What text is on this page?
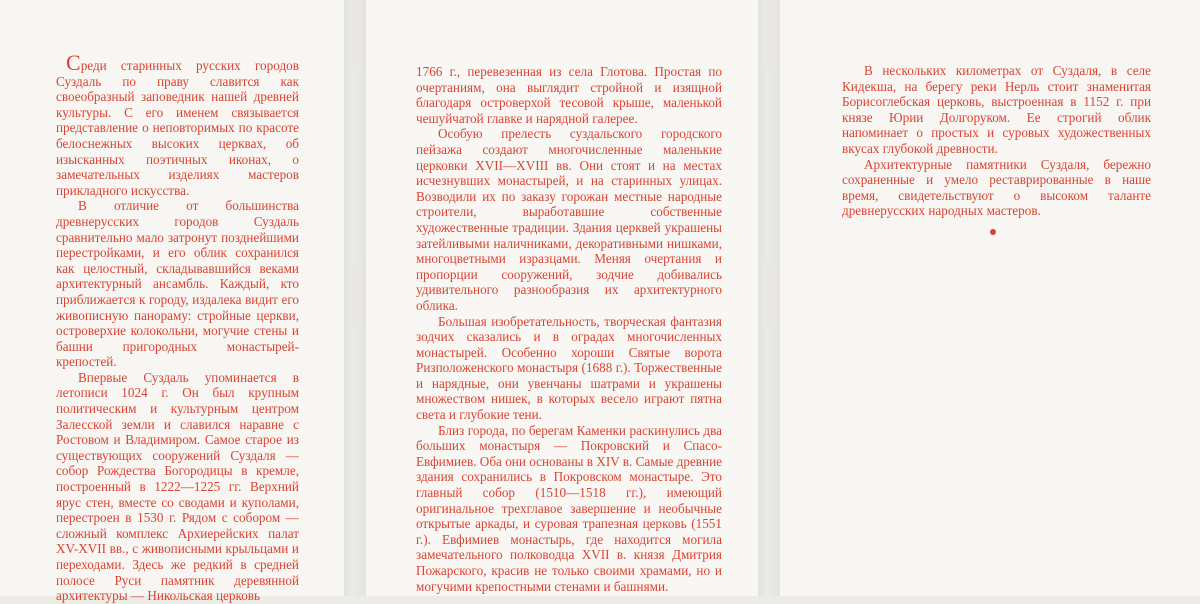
Среди старинных русских городов Суздаль по праву славится как своеобразный заповедник нашей древней культуры. С его именем связывается представление о неповторимых по красоте белоснежных высоких церквах, об изысканных поэтичных иконах, о замечательных изделиях мастеров прикладного искусства.

В отличие от большинства древнерусских городов Суздаль сравнительно мало затронут позднейшими перестройками, и его облик сохранился как целостный, складывавшийся веками архитектурный ансамбль. Каждый, кто приближается к городу, издалека видит его живописную панораму: стройные церкви, островерхие колокольни, могучие стены и башни пригородных монастырей-крепостей.

Впервые Суздаль упоминается в летописи 1024 г. Он был крупным политическим и культурным центром Залесской земли и славился наравне с Ростовом и Владимиром. Самое старое из существующих сооружений Суздаля — собор Рождества Богородицы в кремле, построенный в 1222—1225 гг. Верхний ярус стен, вместе со сводами и куполами, перестроен в 1530 г. Рядом с собором — сложный комплекс Архиерейских палат XV-XVII вв., с живописными крыльцами и переходами. Здесь же редкий в средней полосе Руси памятник деревянной архитектуры — Никольская церковь

1766 г., перевезенная из села Глотова. Простая по очертаниям, она выглядит стройной и изящной благодаря островерхой тесовой крыше, маленькой чешуйчатой главке и нарядной галерее.

Особую прелесть суздальского городского пейзажа создают многочисленные маленькие церковки XVII—XVIII вв. Они стоят и на местах исчезнувших монастырей, и на старинных улицах. Возводили их по заказу горожан местные народные строители, выработавшие собственные художественные традиции. Здания церквей украшены затейливыми наличниками, декоративными нишками, многоцветными изразцами. Меняя очертания и пропорции сооружений, зодчие добивались удивительного разнообразия их архитектурного облика.

Большая изобретательность, творческая фантазия зодчих сказались и в оградах многочисленных монастырей. Особенно хороши Святые ворота Ризположенского монастыря (1688 г.). Торжественные и нарядные, они увенчаны шатрами и украшены множеством нишек, в которых весело играют пятна света и глубокие тени.

Близ города, по берегам Каменки раскинулись два больших монастыря — Покровский и Спасо-Евфимиев. Оба они основаны в XIV в. Самые древние здания сохранились в Покровском монастыре. Это главный собор (1510—1518 гг.), имеющий оригинальное трехглавое завершение и необычные открытые аркады, и суровая трапезная церковь (1551 г.). Евфимиев монастырь, где находится могила замечательного полководца XVII в. князя Дмитрия Пожарского, красив не только своими храмами, но и могучими крепостными стенами и башнями.

В нескольких километрах от Суздаля, в селе Кидекша, на берегу реки Нерль стоит знаменитая Борисоглебская церковь, выстроенная в 1152 г. при князе Юрии Долгоруком. Ее строгий облик напоминает о простых и суровых художественных вкусах глубокой древности.

Архитектурные памятники Суздаля, бережно сохраненные и умело реставрированные в наше время, свидетельствуют о высоком таланте древнерусских народных мастеров.
